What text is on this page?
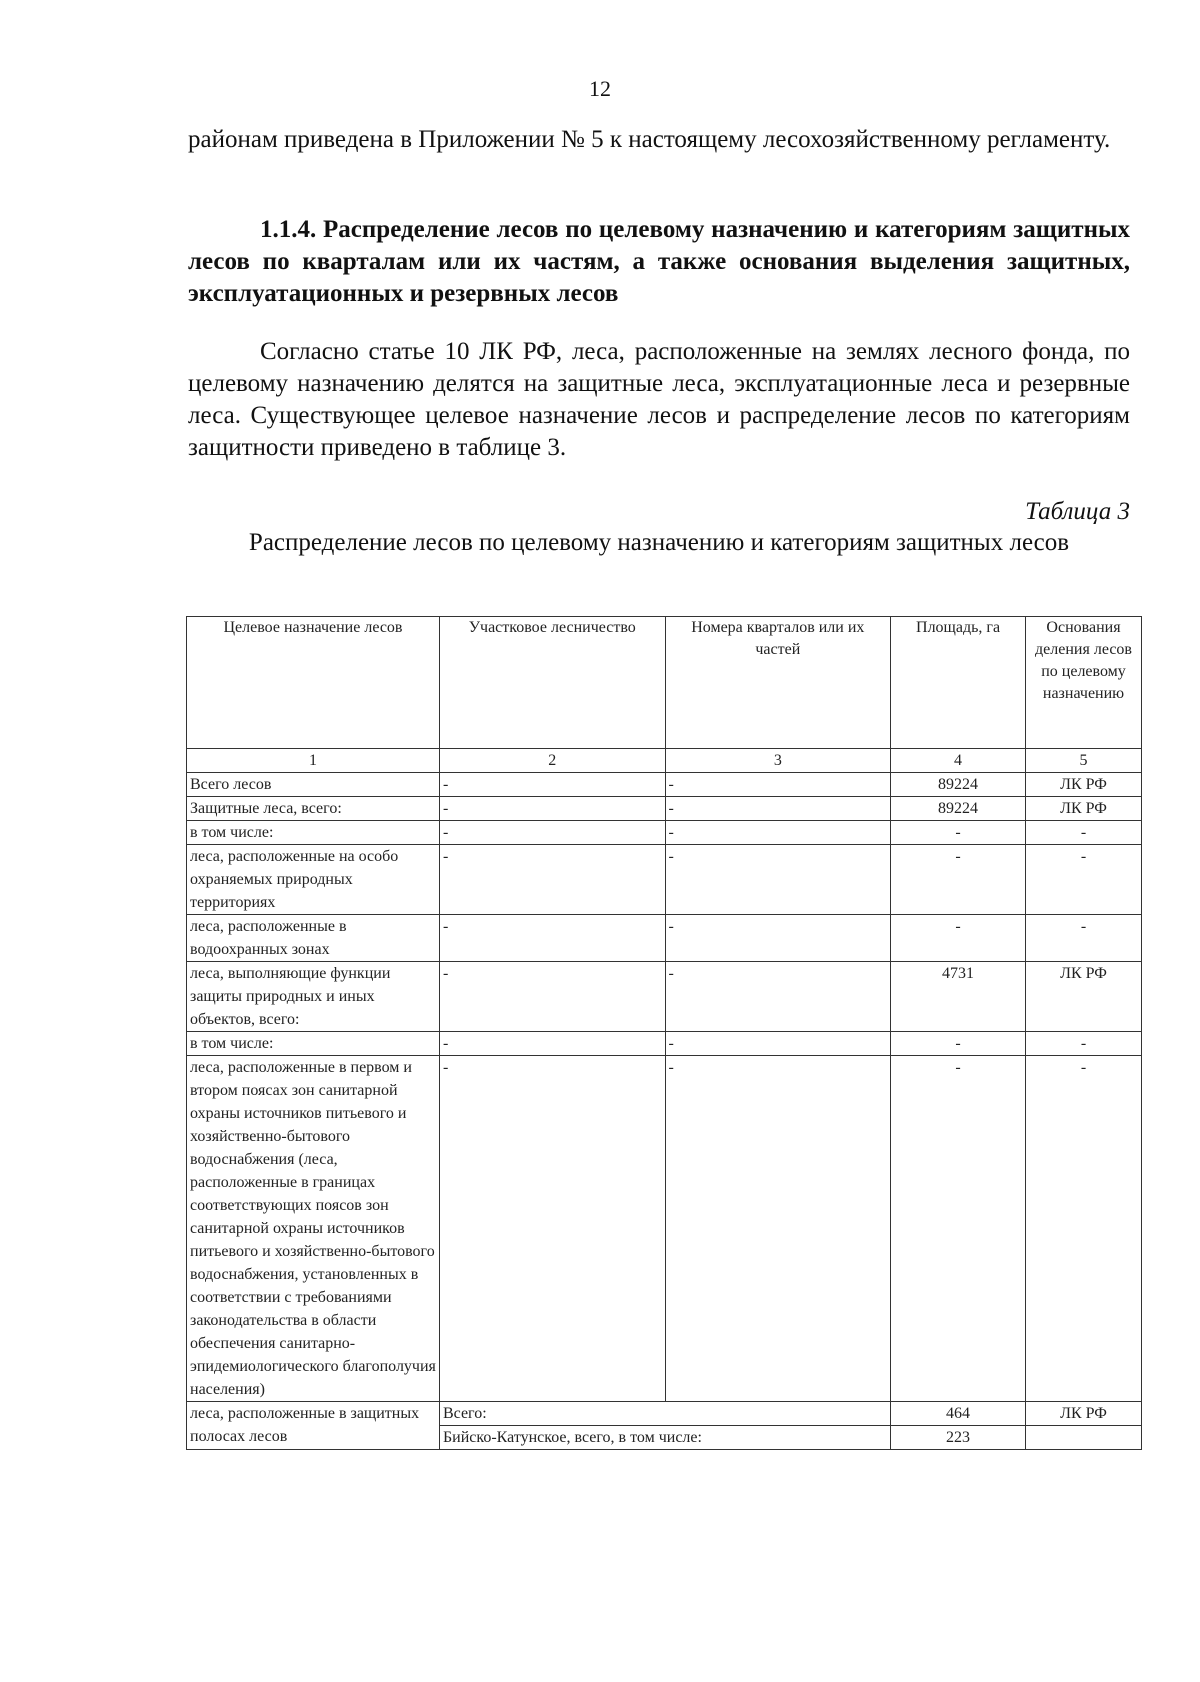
12
районам приведена в Приложении № 5 к настоящему лесохозяйственному регламенту.
1.1.4. Распределение лесов по целевому назначению и категориям защитных лесов по кварталам или их частям, а также основания выделения защитных, эксплуатационных и резервных лесов
Согласно статье 10 ЛК РФ, леса, расположенные на землях лесного фонда, по целевому назначению делятся на защитные леса, эксплуатационные леса и резервные леса. Существующее целевое назначение лесов и распределение лесов по категориям защитности приведено в таблице 3.
Таблица 3
Распределение лесов по целевому назначению и категориям защитных лесов
Целевое назначение лесов	Участковое лесничество	Номера кварталов или их частей	Площадь, га	Основания деления лесов по целевому назначению
1	2	3	4	5
Всего лесов	-	-	89224	ЛК РФ
Защитные леса, всего:	-	-	89224	ЛК РФ
в том числе:	-	-	-	-
леса, расположенные на особо охраняемых природных территориях	-	-	-	-
леса, расположенные в водоохранных зонах	-	-	-	-
леса, выполняющие функции защиты природных и иных объектов, всего:	-	-	4731	ЛК РФ
в том числе:	-	-	-	-
леса, расположенные в первом и втором поясах зон санитарной охраны источников питьевого и хозяйственно-бытового водоснабжения (леса, расположенные в границах соответствующих поясов зон санитарной охраны источников питьевого и хозяйственно-бытового водоснабжения, установленных в соответствии с требованиями законодательства в области обеспечения санитарно-эпидемиологического благополучия населения)	-	-	-	-
леса, расположенные в защитных полосах лесов	Всего:		464	ЛК РФ
	Бийско-Катунское, всего, в том числе:		223	
